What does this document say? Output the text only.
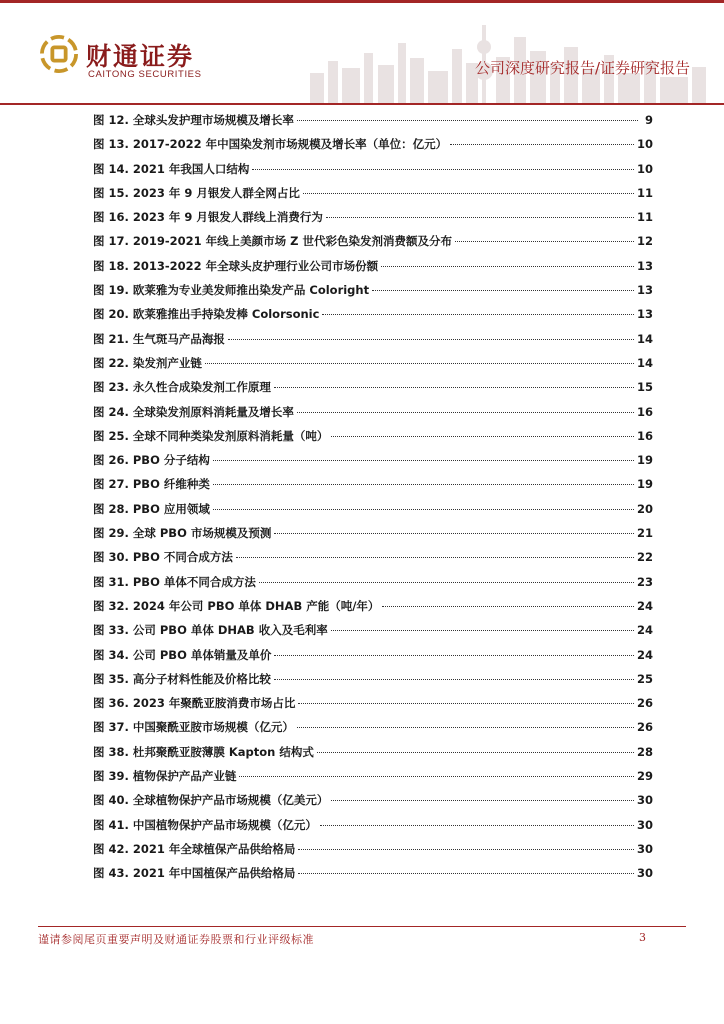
财通证券
CAITONG SECURITIES	公司深度研究报告/证券研究报告
图 12. 全球头发护理市场规模及增长率	9
图 13. 2017-2022 年中国染发剂市场规模及增长率（单位：亿元）	10
图 14. 2021 年我国人口结构	10
图 15. 2023 年 9 月银发人群全网占比	11
图 16. 2023 年 9 月银发人群线上消费行为	11
图 17. 2019-2021 年线上美颜市场 Z 世代彩色染发剂消费额及分布	12
图 18. 2013-2022 年全球头皮护理行业公司市场份额	13
图 19. 欧莱雅为专业美发师推出染发产品 Coloright	13
图 20. 欧莱雅推出手持染发棒 Colorsonic	13
图 21. 生气斑马产品海报	14
图 22. 染发剂产业链	14
图 23. 永久性合成染发剂工作原理	15
图 24. 全球染发剂原料消耗量及增长率	16
图 25. 全球不同种类染发剂原料消耗量（吨）	16
图 26. PBO 分子结构	19
图 27. PBO 纤维种类	19
图 28. PBO 应用领域	20
图 29. 全球 PBO 市场规模及预测	21
图 30. PBO 不同合成方法	22
图 31. PBO 单体不同合成方法	23
图 32. 2024 年公司 PBO 单体 DHAB 产能（吨/年）	24
图 33. 公司 PBO 单体 DHAB 收入及毛利率	24
图 34. 公司 PBO 单体销量及单价	24
图 35. 高分子材料性能及价格比较	25
图 36. 2023 年聚酰亚胺消费市场占比	26
图 37. 中国聚酰亚胺市场规模（亿元）	26
图 38. 杜邦聚酰亚胺薄膜 Kapton 结构式	28
图 39. 植物保护产品产业链	29
图 40. 全球植物保护产品市场规模（亿美元）	30
图 41. 中国植物保护产品市场规模（亿元）	30
图 42. 2021 年全球植保产品供给格局	30
图 43. 2021 年中国植保产品供给格局	30
谨请参阅尾页重要声明及财通证券股票和行业评级标准	3
